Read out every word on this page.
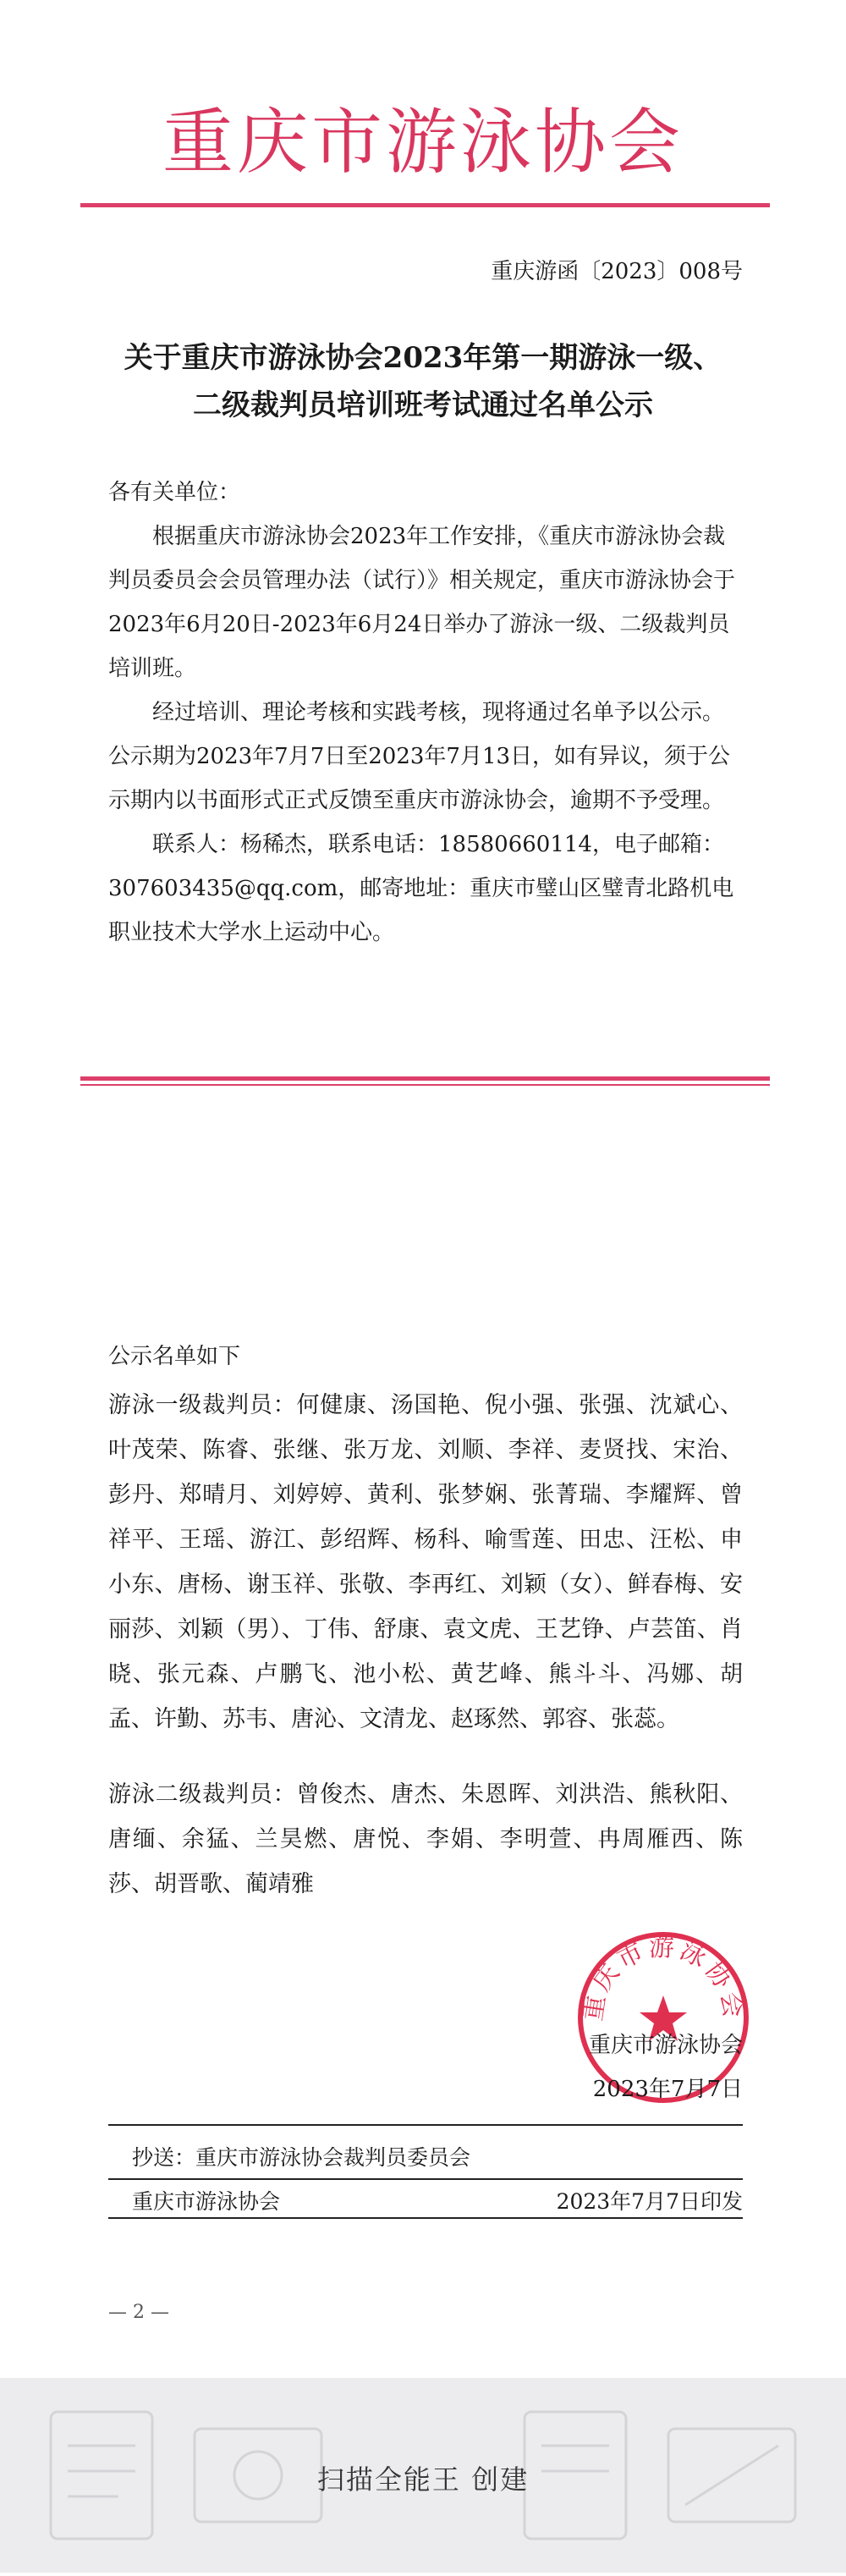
重庆市游泳协会
重庆游函〔2023〕008号
关于重庆市游泳协会2023年第一期游泳一级、
二级裁判员培训班考试通过名单公示
各有关单位：

根据重庆市游泳协会2023年工作安排，《重庆市游泳协会裁判员委员会会员管理办法（试行）》相关规定，重庆市游泳协会于2023年6月20日-2023年6月24日举办了游泳一级、二级裁判员培训班。

经过培训、理论考核和实践考核，现将通过名单予以公示。公示期为2023年7月7日至2023年7月13日，如有异议，须于公示期内以书面形式正式反馈至重庆市游泳协会，逾期不予受理。

联系人：杨稀杰，联系电话：18580660114，电子邮箱：307603435@qq.com，邮寄地址：重庆市璧山区璧青北路机电职业技术大学水上运动中心。

公示名单如下
游泳一级裁判员：何健康、汤国艳、倪小强、张强、沈斌心、叶茂荣、陈睿、张继、张万龙、刘顺、李祥、麦贤找、宋治、彭丹、郑晴月、刘婷婷、黄利、张梦娴、张菁瑞、李耀辉、曾祥平、王瑶、游江、彭绍辉、杨科、喻雪莲、田忠、汪松、申小东、唐杨、谢玉祥、张敬、李再红、刘颖（女）、鲜春梅、安丽莎、刘颖（男）、丁伟、舒康、袁文虎、王艺铮、卢芸笛、肖晓、张元森、卢鹏飞、池小松、黄艺峰、熊斗斗、冯娜、胡孟、许勤、苏韦、唐沁、文清龙、赵琢然、郭容、张蕊。
游泳二级裁判员：曾俊杰、唐杰、朱恩晖、刘洪浩、熊秋阳、唐缅、余猛、兰昊燃、唐悦、李娟、李明萱、冉周雁西、陈莎、胡晋歌、蔺靖雅
重庆市游泳协会
重庆市游泳协会
2023年7月7日
抄送：重庆市游泳协会裁判员委员会
重庆市游泳协会	2023年7月7日印发
— 2 —
扫描全能王 创建
